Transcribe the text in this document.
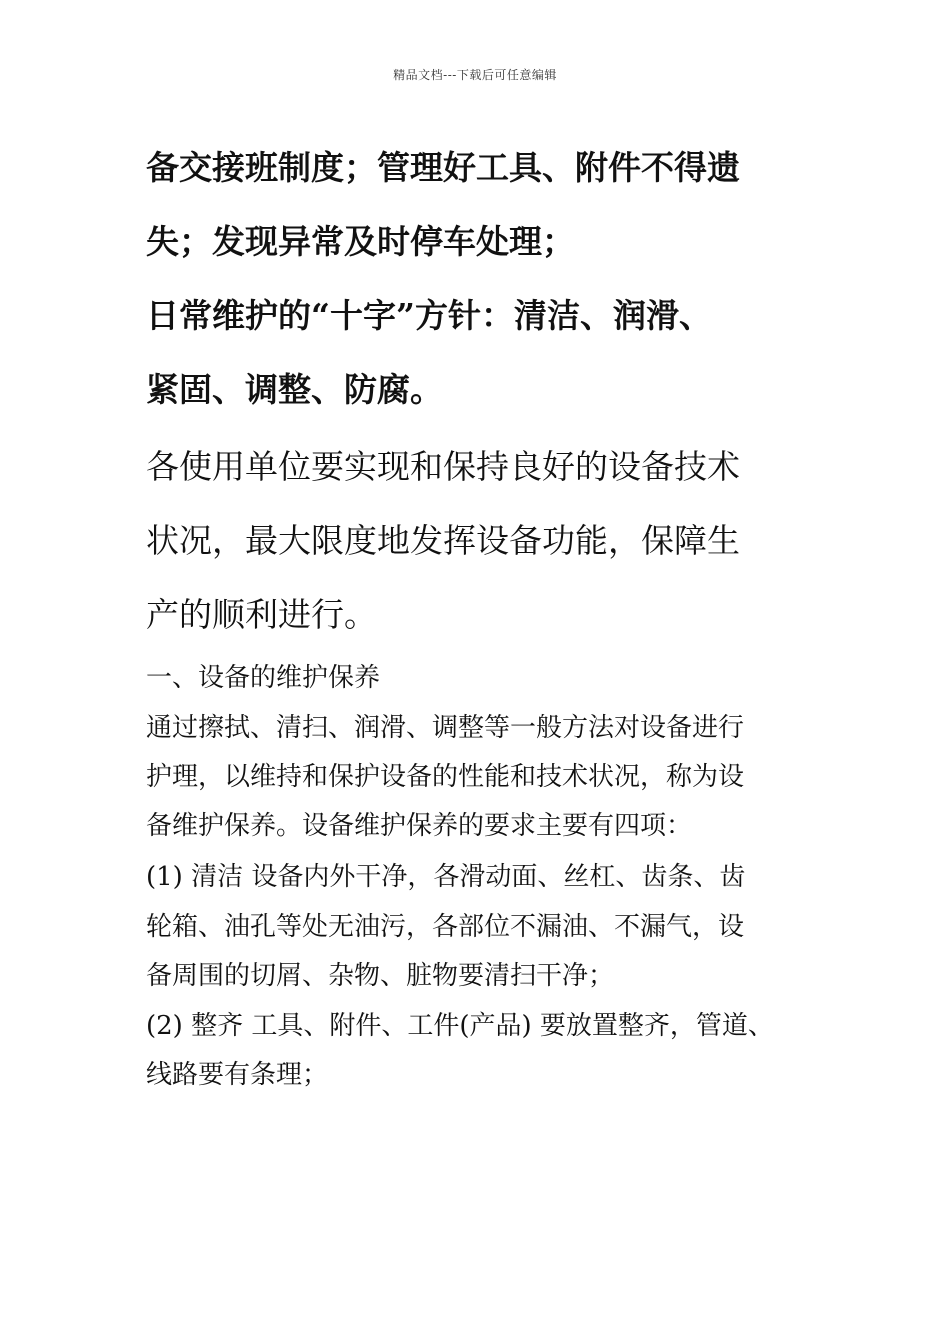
精品文档---下载后可任意编辑
备交接班制度；管理好工具、附件不得遗
失；发现异常及时停车处理；
日常维护的“十字”方针：清洁、润滑、
紧固、调整、防腐。
各使用单位要实现和保持良好的设备技术
状况，最大限度地发挥设备功能，保障生
产的顺利进行。
一、设备的维护保养
通过擦拭、清扫、润滑、调整等一般方法对设备进行
护理，以维持和保护设备的性能和技术状况，称为设
备维护保养。设备维护保养的要求主要有四项：
(1) 清洁 设备内外干净，各滑动面、丝杠、齿条、齿
轮箱、油孔等处无油污，各部位不漏油、不漏气，设
备周围的切屑、杂物、脏物要清扫干净；
(2) 整齐 工具、附件、工件(产品) 要放置整齐，管道、
线路要有条理；
